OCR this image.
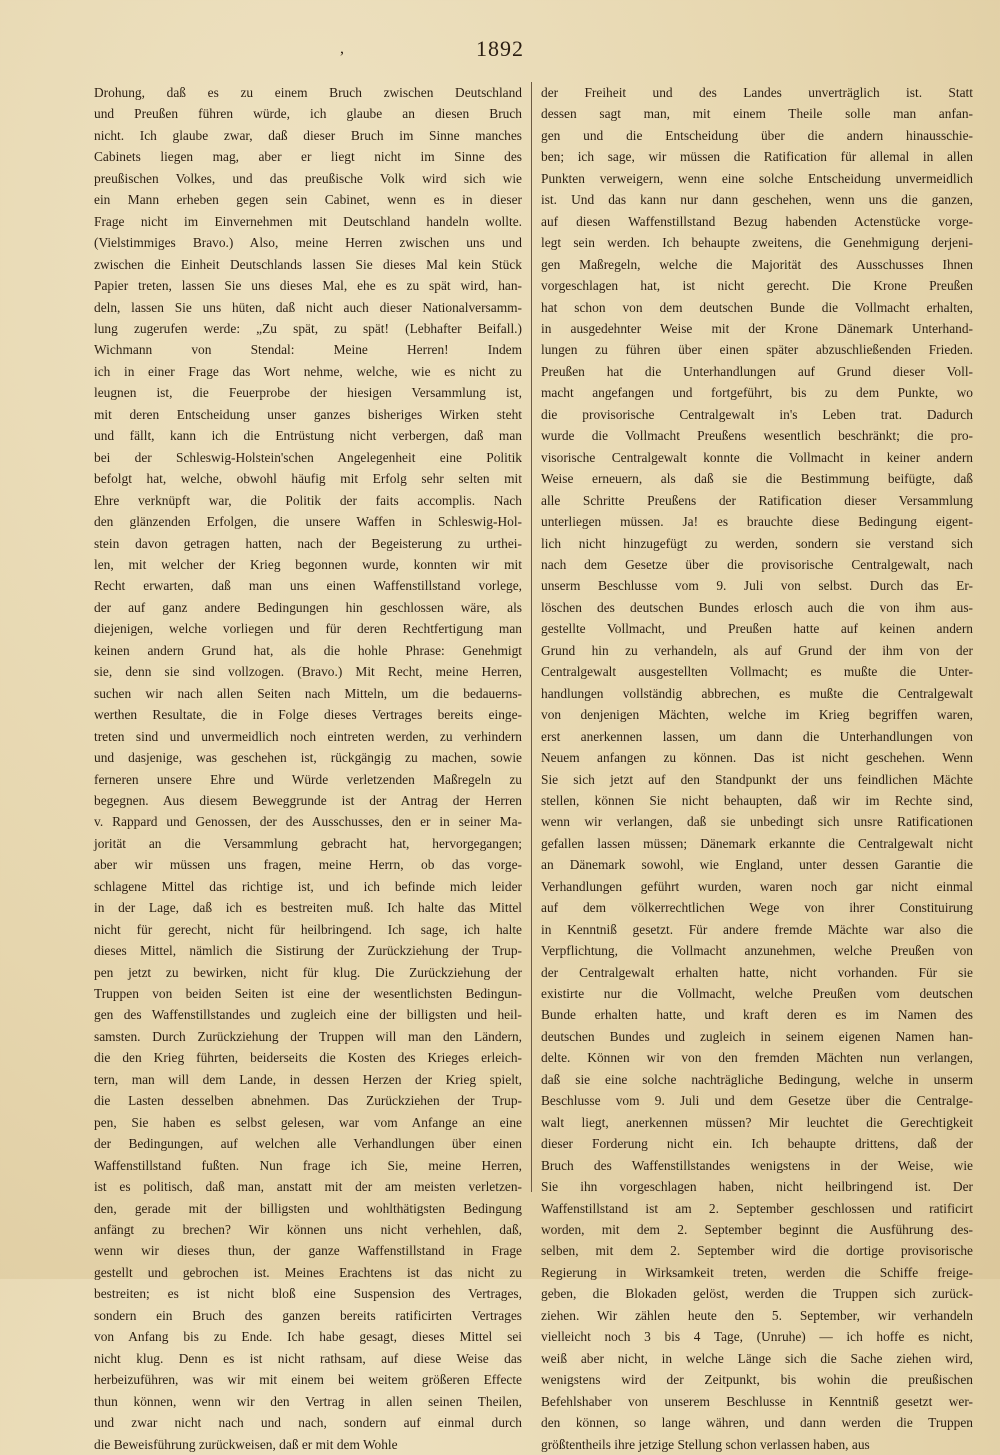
1892
,
Drohung, daß es zu einem Bruch zwischen Deutschland
und Preußen führen würde, ich glaube an diesen Bruch
nicht. Ich glaube zwar, daß dieser Bruch im Sinne manches
Cabinets liegen mag, aber er liegt nicht im Sinne des
preußischen Volkes, und das preußische Volk wird sich wie
ein Mann erheben gegen sein Cabinet, wenn es in dieser
Frage nicht im Einvernehmen mit Deutschland handeln wollte.
(Vielstimmiges Bravo.) Also, meine Herren zwischen uns und
zwischen die Einheit Deutschlands lassen Sie dieses Mal kein Stück
Papier treten, lassen Sie uns dieses Mal, ehe es zu spät wird, han-
deln, lassen Sie uns hüten, daß nicht auch dieser Nationalversamm-
lung zugerufen werde: „Zu spät, zu spät! (Lebhafter Beifall.)
Wichmann von Stendal: Meine Herren! Indem
ich in einer Frage das Wort nehme, welche, wie es nicht zu
leugnen ist, die Feuerprobe der hiesigen Versammlung ist,
mit deren Entscheidung unser ganzes bisheriges Wirken steht
und fällt, kann ich die Entrüstung nicht verbergen, daß man
bei der Schleswig-Holstein'schen Angelegenheit eine Politik
befolgt hat, welche, obwohl häufig mit Erfolg sehr selten mit
Ehre verknüpft war, die Politik der faits accomplis. Nach
den glänzenden Erfolgen, die unsere Waffen in Schleswig-Hol-
stein davon getragen hatten, nach der Begeisterung zu urthei-
len, mit welcher der Krieg begonnen wurde, konnten wir mit
Recht erwarten, daß man uns einen Waffenstillstand vorlege,
der auf ganz andere Bedingungen hin geschlossen wäre, als
diejenigen, welche vorliegen und für deren Rechtfertigung man
keinen andern Grund hat, als die hohle Phrase: Genehmigt
sie, denn sie sind vollzogen. (Bravo.) Mit Recht, meine Herren,
suchen wir nach allen Seiten nach Mitteln, um die bedauerns-
werthen Resultate, die in Folge dieses Vertrages bereits einge-
treten sind und unvermeidlich noch eintreten werden, zu verhindern
und dasjenige, was geschehen ist, rückgängig zu machen, sowie
ferneren unsere Ehre und Würde verletzenden Maßregeln zu
begegnen. Aus diesem Beweggrunde ist der Antrag der Herren
v. Rappard und Genossen, der des Ausschusses, den er in seiner Ma-
jorität an die Versammlung gebracht hat, hervorgegangen;
aber wir müssen uns fragen, meine Herrn, ob das vorge-
schlagene Mittel das richtige ist, und ich befinde mich leider
in der Lage, daß ich es bestreiten muß. Ich halte das Mittel
nicht für gerecht, nicht für heilbringend. Ich sage, ich halte
dieses Mittel, nämlich die Sistirung der Zurückziehung der Trup-
pen jetzt zu bewirken, nicht für klug. Die Zurückziehung der
Truppen von beiden Seiten ist eine der wesentlichsten Bedingun-
gen des Waffenstillstandes und zugleich eine der billigsten und heil-
samsten. Durch Zurückziehung der Truppen will man den Ländern,
die den Krieg führten, beiderseits die Kosten des Krieges erleich-
tern, man will dem Lande, in dessen Herzen der Krieg spielt,
die Lasten desselben abnehmen. Das Zurückziehen der Trup-
pen, Sie haben es selbst gelesen, war vom Anfange an eine
der Bedingungen, auf welchen alle Verhandlungen über einen
Waffenstillstand fußten. Nun frage ich Sie, meine Herren,
ist es politisch, daß man, anstatt mit der am meisten verletzen-
den, gerade mit der billigsten und wohlthätigsten Bedingung
anfängt zu brechen? Wir können uns nicht verhehlen, daß,
wenn wir dieses thun, der ganze Waffenstillstand in Frage
gestellt und gebrochen ist. Meines Erachtens ist das nicht zu
bestreiten; es ist nicht bloß eine Suspension des Vertrages,
sondern ein Bruch des ganzen bereits ratificirten Vertrages
von Anfang bis zu Ende. Ich habe gesagt, dieses Mittel sei
nicht klug. Denn es ist nicht rathsam, auf diese Weise das
herbeizuführen, was wir mit einem bei weitem größeren Effecte
thun können, wenn wir den Vertrag in allen seinen Theilen,
und zwar nicht nach und nach, sondern auf einmal durch
die Beweisführung zurückweisen, daß er mit dem Wohle
der Freiheit und des Landes unverträglich ist. Statt
dessen sagt man, mit einem Theile solle man anfan-
gen und die Entscheidung über die andern hinausschie-
ben; ich sage, wir müssen die Ratification für allemal in allen
Punkten verweigern, wenn eine solche Entscheidung unvermeidlich
ist. Und das kann nur dann geschehen, wenn uns die ganzen,
auf diesen Waffenstillstand Bezug habenden Actenstücke vorge-
legt sein werden. Ich behaupte zweitens, die Genehmigung derjeni-
gen Maßregeln, welche die Majorität des Ausschusses Ihnen
vorgeschlagen hat, ist nicht gerecht. Die Krone Preußen
hat schon von dem deutschen Bunde die Vollmacht erhalten,
in ausgedehnter Weise mit der Krone Dänemark Unterhand-
lungen zu führen über einen später abzuschließenden Frieden.
Preußen hat die Unterhandlungen auf Grund dieser Voll-
macht angefangen und fortgeführt, bis zu dem Punkte, wo
die provisorische Centralgewalt in's Leben trat. Dadurch
wurde die Vollmacht Preußens wesentlich beschränkt; die pro-
visorische Centralgewalt konnte die Vollmacht in keiner andern
Weise erneuern, als daß sie die Bestimmung beifügte, daß
alle Schritte Preußens der Ratification dieser Versammlung
unterliegen müssen. Ja! es brauchte diese Bedingung eigent-
lich nicht hinzugefügt zu werden, sondern sie verstand sich
nach dem Gesetze über die provisorische Centralgewalt, nach
unserm Beschlusse vom 9. Juli von selbst. Durch das Er-
löschen des deutschen Bundes erlosch auch die von ihm aus-
gestellte Vollmacht, und Preußen hatte auf keinen andern
Grund hin zu verhandeln, als auf Grund der ihm von der
Centralgewalt ausgestellten Vollmacht; es mußte die Unter-
handlungen vollständig abbrechen, es mußte die Centralgewalt
von denjenigen Mächten, welche im Krieg begriffen waren,
erst anerkennen lassen, um dann die Unterhandlungen von
Neuem anfangen zu können. Das ist nicht geschehen. Wenn
Sie sich jetzt auf den Standpunkt der uns feindlichen Mächte
stellen, können Sie nicht behaupten, daß wir im Rechte sind,
wenn wir verlangen, daß sie unbedingt sich unsre Ratificationen
gefallen lassen müssen; Dänemark erkannte die Centralgewalt nicht
an Dänemark sowohl, wie England, unter dessen Garantie die
Verhandlungen geführt wurden, waren noch gar nicht einmal
auf dem völkerrechtlichen Wege von ihrer Constituirung
in Kenntniß gesetzt. Für andere fremde Mächte war also die
Verpflichtung, die Vollmacht anzunehmen, welche Preußen von
der Centralgewalt erhalten hatte, nicht vorhanden. Für sie
existirte nur die Vollmacht, welche Preußen vom deutschen
Bunde erhalten hatte, und kraft deren es im Namen des
deutschen Bundes und zugleich in seinem eigenen Namen han-
delte. Können wir von den fremden Mächten nun verlangen,
daß sie eine solche nachträgliche Bedingung, welche in unserm
Beschlusse vom 9. Juli und dem Gesetze über die Centralge-
walt liegt, anerkennen müssen? Mir leuchtet die Gerechtigkeit
dieser Forderung nicht ein. Ich behaupte drittens, daß der
Bruch des Waffenstillstandes wenigstens in der Weise, wie
Sie ihn vorgeschlagen haben, nicht heilbringend ist. Der
Waffenstillstand ist am 2. September geschlossen und ratificirt
worden, mit dem 2. September beginnt die Ausführung des-
selben, mit dem 2. September wird die dortige provisorische
Regierung in Wirksamkeit treten, werden die Schiffe freige-
geben, die Blokaden gelöst, werden die Truppen sich zurück-
ziehen. Wir zählen heute den 5. September, wir verhandeln
vielleicht noch 3 bis 4 Tage, (Unruhe) — ich hoffe es nicht,
weiß aber nicht, in welche Länge sich die Sache ziehen wird,
wenigstens wird der Zeitpunkt, bis wohin die preußischen
Befehlshaber von unserem Beschlusse in Kenntniß gesetzt wer-
den können, so lange währen, und dann werden die Truppen
größtentheils ihre jetzige Stellung schon verlassen haben, aus
